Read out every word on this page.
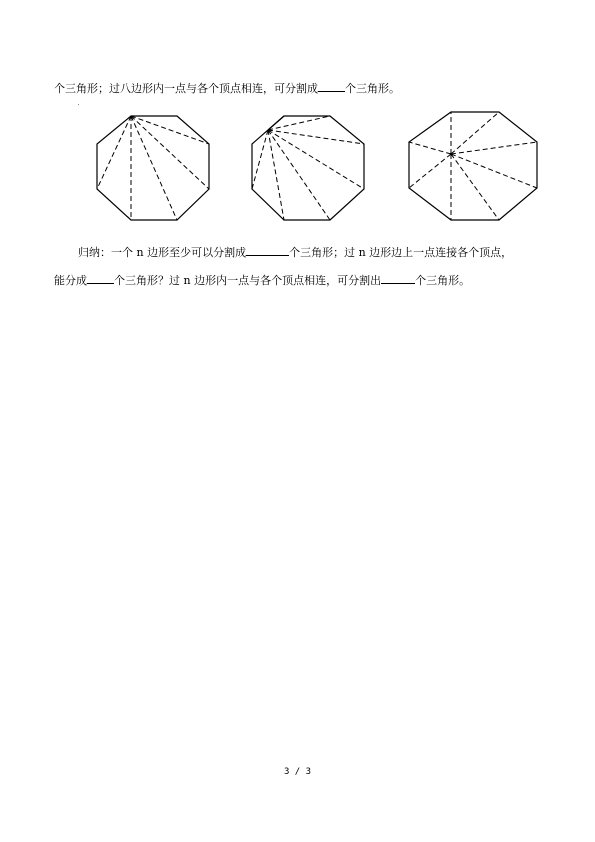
个三角形；过八边形内一点与各个顶点相连，可分割成 个三角形。
归纳：一个 n 边形至少可以分割成	个三角形；过 n 边形边上一点连接各个顶点，
能分成 个三角形？过 n 边形内一点与各个顶点相连，可分割出	个三角形。
3 / 3
